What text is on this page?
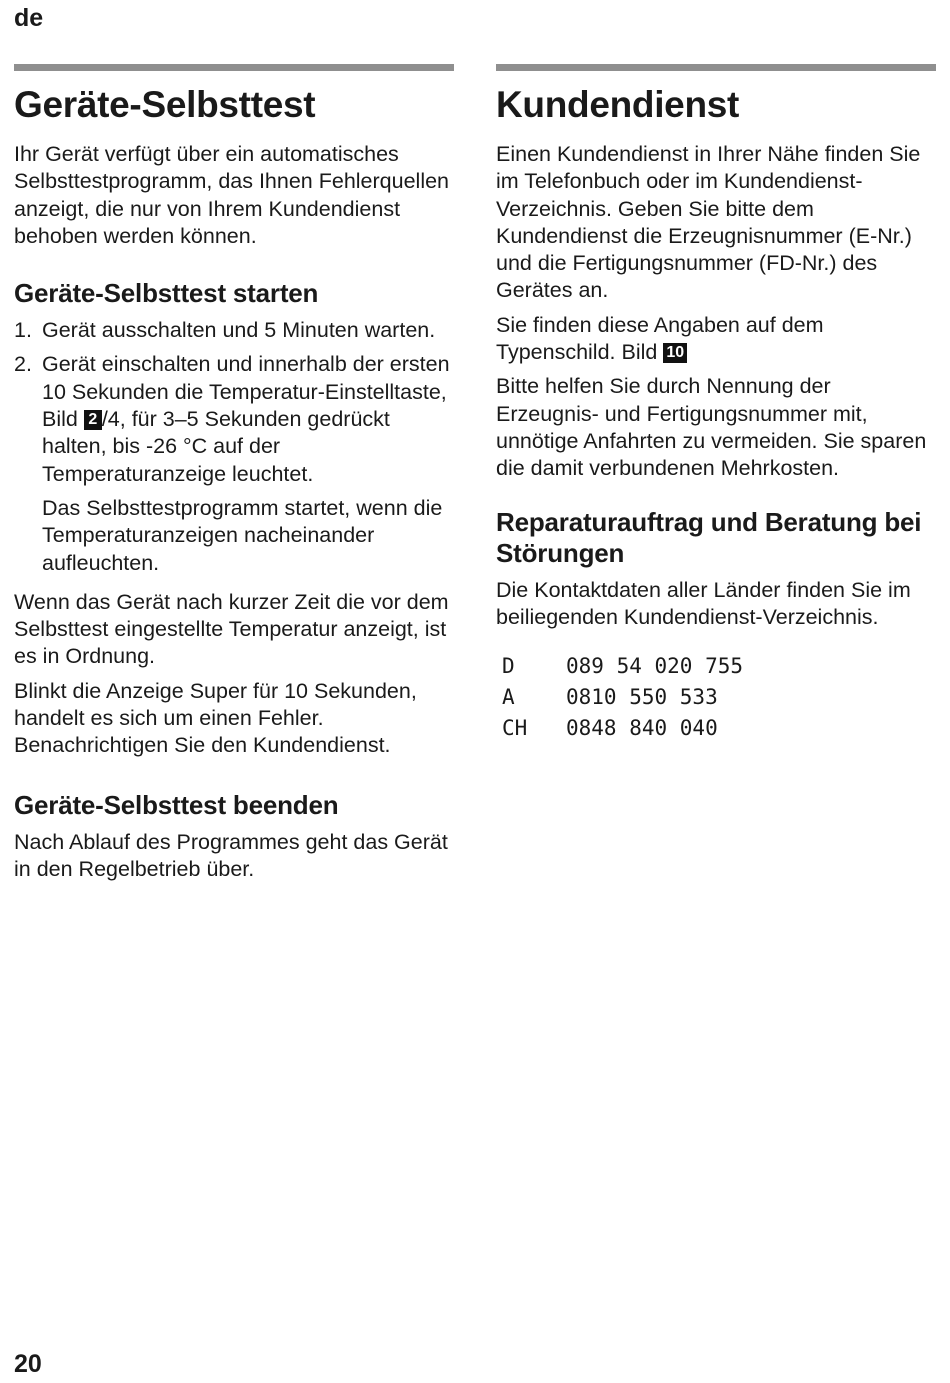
de
Geräte-Selbsttest

Ihr Gerät verfügt über ein automatisches Selbsttestprogramm, das Ihnen Fehlerquellen anzeigt, die nur von Ihrem Kundendienst behoben werden können.

Geräte-Selbsttest starten
1. Gerät ausschalten und 5 Minuten warten.
2. Gerät einschalten und innerhalb der ersten 10 Sekunden die Temperatur-Einstelltaste, Bild 2 /4, für 3–5 Sekunden gedrückt halten, bis -26 °C auf der Temperaturanzeige leuchtet.

Das Selbsttestprogramm startet, wenn die Temperaturanzeigen nacheinander aufleuchten.

Wenn das Gerät nach kurzer Zeit die vor dem Selbsttest eingestellte Temperatur anzeigt, ist es in Ordnung.

Blinkt die Anzeige Super für 10 Sekunden, handelt es sich um einen Fehler.

Benachrichtigen Sie den Kundendienst.

Geräte-Selbsttest beenden

Nach Ablauf des Programmes geht das Gerät in den Regelbetrieb über.

Kundendienst

Einen Kundendienst in Ihrer Nähe finden Sie im Telefonbuch oder im Kundendienst-Verzeichnis. Geben Sie bitte dem Kundendienst die Erzeugnisnummer (E-Nr.) und die Fertigungsnummer (FD-Nr.) des Gerätes an.

Sie finden diese Angaben auf dem Typenschild. Bild 10

Bitte helfen Sie durch Nennung der Erzeugnis- und Fertigungsnummer mit, unnötige Anfahrten zu vermeiden. Sie sparen die damit verbundenen Mehrkosten.

Reparaturauftrag und Beratung bei Störungen

Die Kontaktdaten aller Länder finden Sie im beiliegenden Kundendienst-Verzeichnis.

D	089 54 020 755
A	0810 550 533
CH	0848 840 040
20
